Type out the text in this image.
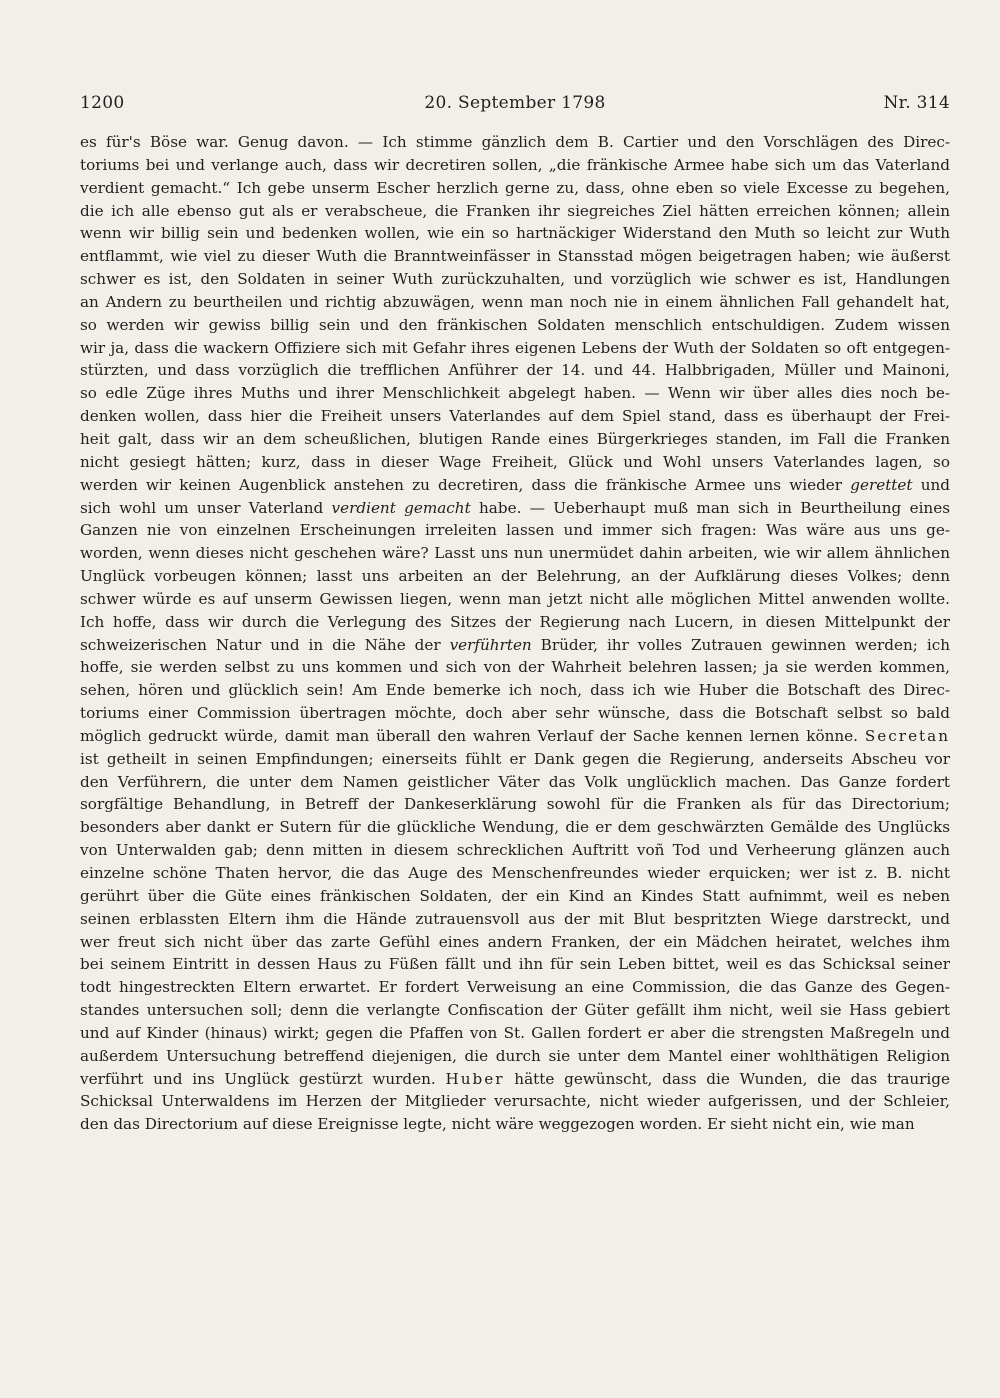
1200	20. September 1798	Nr. 314
es für's Böse war. Genug davon. — Ich stimme gänzlich dem B. Cartier und den Vorschlägen des Direc-
toriums bei und verlange auch, dass wir decretiren sollen, „die fränkische Armee habe sich um das Vaterland
verdient gemacht.“ Ich gebe unserm Escher herzlich gerne zu, dass, ohne eben so viele Excesse zu begehen,
die ich alle ebenso gut als er verabscheue, die Franken ihr siegreiches Ziel hätten erreichen können; allein
wenn wir billig sein und bedenken wollen, wie ein so hartnäckiger Widerstand den Muth so leicht zur Wuth
entflammt, wie viel zu dieser Wuth die Branntweinfässer in Stansstad mögen beigetragen haben; wie äußerst
schwer es ist, den Soldaten in seiner Wuth zurückzuhalten, und vorzüglich wie schwer es ist, Handlungen
an Andern zu beurtheilen und richtig abzuwägen, wenn man noch nie in einem ähnlichen Fall gehandelt hat,
so werden wir gewiss billig sein und den fränkischen Soldaten menschlich entschuldigen. Zudem wissen
wir ja, dass die wackern Offiziere sich mit Gefahr ihres eigenen Lebens der Wuth der Soldaten so oft entgegen-
stürzten, und dass vorzüglich die trefflichen Anführer der 14. und 44. Halbbrigaden, Müller und Mainoni,
so edle Züge ihres Muths und ihrer Menschlichkeit abgelegt haben. — Wenn wir über alles dies noch be-
denken wollen, dass hier die Freiheit unsers Vaterlandes auf dem Spiel stand, dass es überhaupt der Frei-
heit galt, dass wir an dem scheußlichen, blutigen Rande eines Bürgerkrieges standen, im Fall die Franken
nicht gesiegt hätten; kurz, dass in dieser Wage Freiheit, Glück und Wohl unsers Vaterlandes lagen, so
werden wir keinen Augenblick anstehen zu decretiren, dass die fränkische Armee uns wieder gerettet und
sich wohl um unser Vaterland verdient gemacht habe. — Ueberhaupt muß man sich in Beurtheilung eines
Ganzen nie von einzelnen Erscheinungen irreleiten lassen und immer sich fragen: Was wäre aus uns ge-
worden, wenn dieses nicht geschehen wäre? Lasst uns nun unermüdet dahin arbeiten, wie wir allem ähnlichen
Unglück vorbeugen können; lasst uns arbeiten an der Belehrung, an der Aufklärung dieses Volkes; denn
schwer würde es auf unserm Gewissen liegen, wenn man jetzt nicht alle möglichen Mittel anwenden wollte.
Ich hoffe, dass wir durch die Verlegung des Sitzes der Regierung nach Lucern, in diesen Mittelpunkt der
schweizerischen Natur und in die Nähe der verführten Brüder, ihr volles Zutrauen gewinnen werden; ich
hoffe, sie werden selbst zu uns kommen und sich von der Wahrheit belehren lassen; ja sie werden kommen,
sehen, hören und glücklich sein! Am Ende bemerke ich noch, dass ich wie Huber die Botschaft des Direc-
toriums einer Commission übertragen möchte, doch aber sehr wünsche, dass die Botschaft selbst so bald
möglich gedruckt würde, damit man überall den wahren Verlauf der Sache kennen lernen könne. Secretan
ist getheilt in seinen Empfindungen; einerseits fühlt er Dank gegen die Regierung, anderseits Abscheu vor
den Verführern, die unter dem Namen geistlicher Väter das Volk unglücklich machen. Das Ganze fordert
sorgfältige Behandlung, in Betreff der Dankeserklärung sowohl für die Franken als für das Directorium;
besonders aber dankt er Sutern für die glückliche Wendung, die er dem geschwärzten Gemälde des Unglücks
von Unterwalden gab; denn mitten in diesem schrecklichen Auftritt voñ Tod und Verheerung glänzen auch
einzelne schöne Thaten hervor, die das Auge des Menschenfreundes wieder erquicken; wer ist z. B. nicht
gerührt über die Güte eines fränkischen Soldaten, der ein Kind an Kindes Statt aufnimmt, weil es neben
seinen erblassten Eltern ihm die Hände zutrauensvoll aus der mit Blut bespritzten Wiege darstreckt, und
wer freut sich nicht über das zarte Gefühl eines andern Franken, der ein Mädchen heiratet, welches ihm
bei seinem Eintritt in dessen Haus zu Füßen fällt und ihn für sein Leben bittet, weil es das Schicksal seiner
todt hingestreckten Eltern erwartet. Er fordert Verweisung an eine Commission, die das Ganze des Gegen-
standes untersuchen soll; denn die verlangte Confiscation der Güter gefällt ihm nicht, weil sie Hass gebiert
und auf Kinder (hinaus) wirkt; gegen die Pfaffen von St. Gallen fordert er aber die strengsten Maßregeln und
außerdem Untersuchung betreffend diejenigen, die durch sie unter dem Mantel einer wohlthätigen Religion
verführt und ins Unglück gestürzt wurden. Huber hätte gewünscht, dass die Wunden, die das traurige
Schicksal Unterwaldens im Herzen der Mitglieder verursachte, nicht wieder aufgerissen, und der Schleier,
den das Directorium auf diese Ereignisse legte, nicht wäre weggezogen worden. Er sieht nicht ein, wie man
